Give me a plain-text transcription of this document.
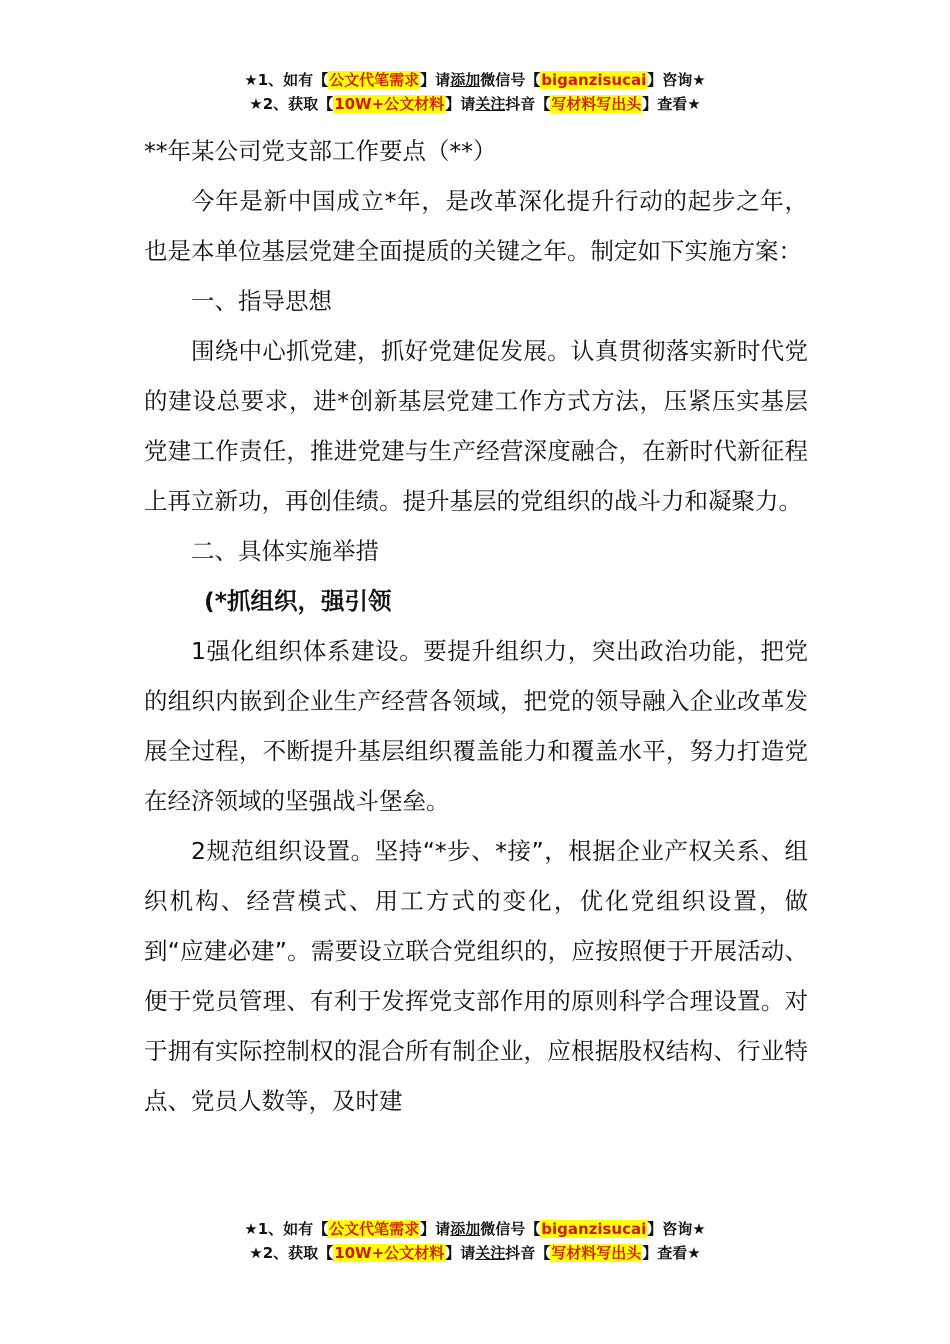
★1、如有【公文代笔需求】请添加微信号【biganzisucai】咨询★
★2、获取【10W+公文材料】请关注抖音【写材料写出头】查看★

**年某公司党支部工作要点（**）

今年是新中国成立*年，是改革深化提升行动的起步之年，也是本单位基层党建全面提质的关键之年。制定如下实施方案：

一、指导思想

围绕中心抓党建，抓好党建促发展。认真贯彻落实新时代党的建设总要求，进*创新基层党建工作方式方法，压紧压实基层党建工作责任，推进党建与生产经营深度融合，在新时代新征程上再立新功，再创佳绩。提升基层的党组织的战斗力和凝聚力。

二、具体实施举措

(*抓组织，强引领

1强化组织体系建设。要提升组织力，突出政治功能，把党的组织内嵌到企业生产经营各领域，把党的领导融入企业改革发展全过程，不断提升基层组织覆盖能力和覆盖水平，努力打造党在经济领域的坚强战斗堡垒。

2规范组织设置。坚持“*步、*接”，根据企业产权关系、组织机构、经营模式、用工方式的变化，优化党组织设置，做到“应建必建”。需要设立联合党组织的，应按照便于开展活动、便于党员管理、有利于发挥党支部作用的原则科学合理设置。对于拥有实际控制权的混合所有制企业，应根据股权结构、行业特点、党员人数等，及时建

★1、如有【公文代笔需求】请添加微信号【biganzisucai】咨询★
★2、获取【10W+公文材料】请关注抖音【写材料写出头】查看★
